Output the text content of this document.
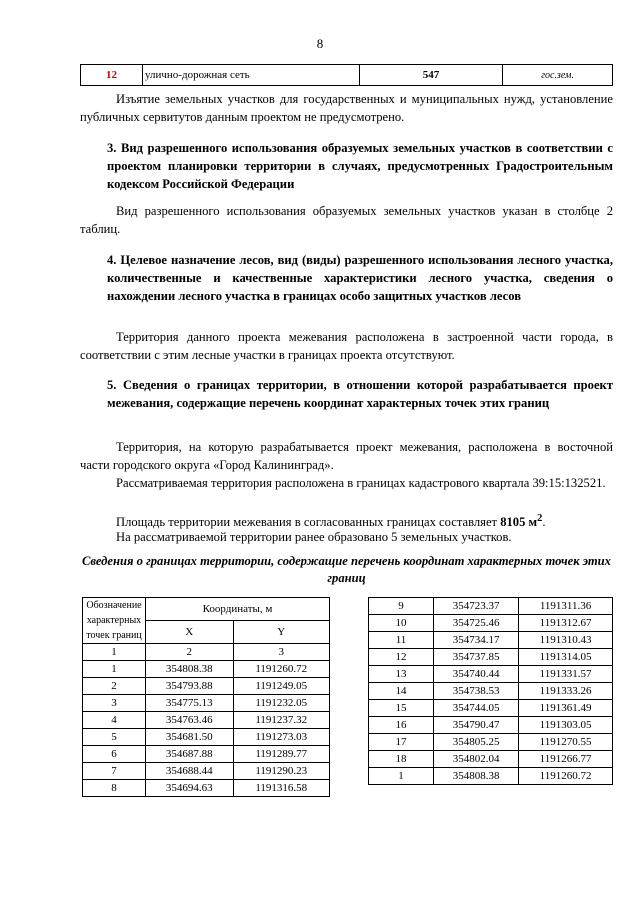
8
12	улично-дорожная сеть	547	гос.зем.
Изъятие земельных участков для государственных и муниципальных нужд, установление публичных сервитутов данным проектом не предусмотрено.
3. Вид разрешенного использования образуемых земельных участков в соответствии с проектом планировки территории в случаях, предусмотренных Градостроительным кодексом Российской Федерации
Вид разрешенного использования образуемых земельных участков указан в столбце 2 таблиц.
4. Целевое назначение лесов, вид (виды) разрешенного использования лесного участка, количественные и качественные характеристики лесного участка, сведения о нахождении лесного участка в границах особо защитных участков лесов
Территория данного проекта межевания расположена в застроенной части города, в соответствии с этим лесные участки в границах проекта отсутствуют.
5. Сведения о границах территории, в отношении которой разрабатывается проект межевания, содержащие перечень координат характерных точек этих границ
Территория, на которую разрабатывается проект межевания, расположена в восточной части городского округа «Город Калининград».
Рассматриваемая территория расположена в границах кадастрового квартала 39:15:132521.
Площадь территории межевания в согласованных границах составляет 8105 $м^2$.
На рассматриваемой территории ранее образовано 5 земельных участков.
Сведения о границах территории, содержащие перечень координат характерных точек этих границ
Обозначение характерных точек границ	Координаты, м	
	X	Y
1	2	3
1	354808.38	1191260.72
2	354793.88	1191249.05
3	354775.13	1191232.05
4	354763.46	1191237.32
5	354681.50	1191273.03
6	354687.88	1191289.77
7	354688.44	1191290.23
8	354694.63	1191316.58
9	354723.37	1191311.36
10	354725.46	1191312.67
11	354734.17	1191310.43
12	354737.85	1191314.05
13	354740.44	1191331.57
14	354738.53	1191333.26
15	354744.05	1191361.49
16	354790.47	1191303.05
17	354805.25	1191270.55
18	354802.04	1191266.77
1	354808.38	1191260.72
